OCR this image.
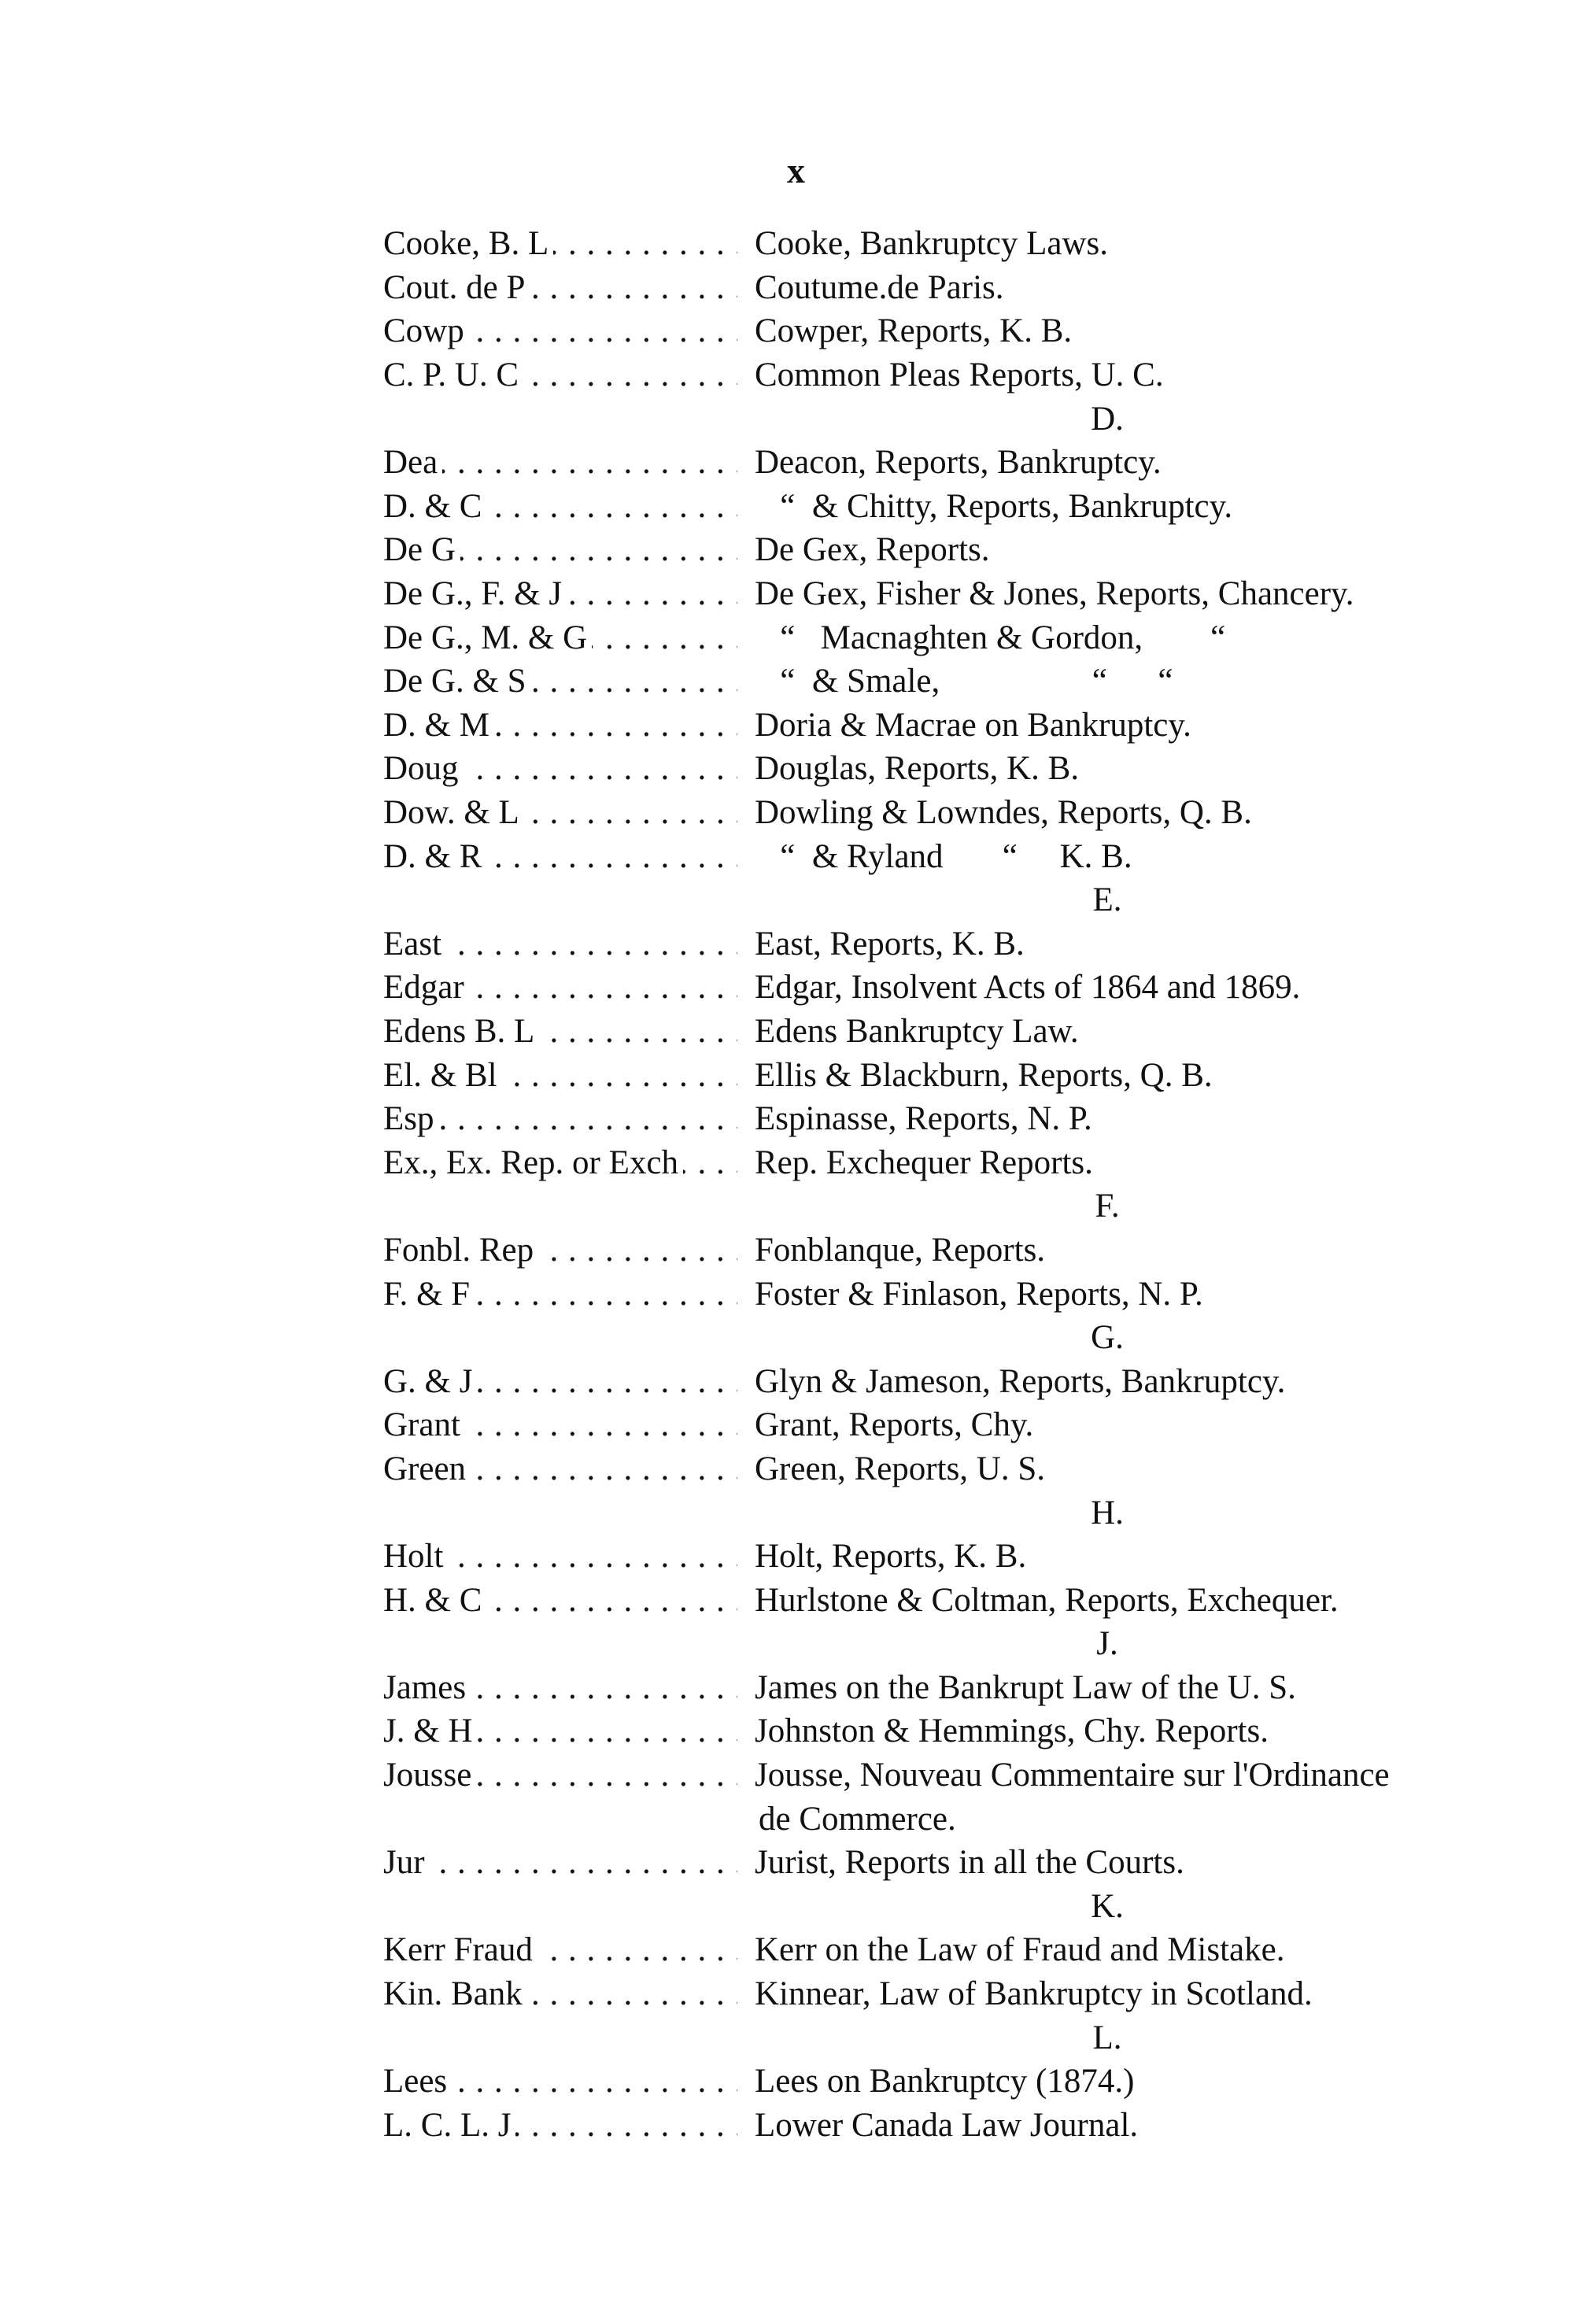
x
Cooke, B. L . . .	Cooke, Bankruptcy Laws.
Cout. de P . . .	Coutume.de Paris.
Cowp . . .	Cowper, Reports, K. B.
C. P. U. C . . .	Common Pleas Reports, U. C.
D.
Dea . . .	Deacon, Reports, Bankruptcy.
D. & C . . .	“  & Chitty, Reports, Bankruptcy.
De G . . .	De Gex, Reports.
De G., F. & J . . .	De Gex, Fisher & Jones, Reports, Chancery.
De G., M. & G . . .	“   Macnaghten & Gordon,        “
De G. & S . . .	“  & Smale,                  “      “
D. & M . . .	Doria & Macrae on Bankruptcy.
Doug . . .	Douglas, Reports, K. B.
Dow. & L . . .	Dowling & Lowndes, Reports, Q. B.
D. & R . . .	“  & Ryland       “     K. B.
E.
East . . .	East, Reports, K. B.
Edgar . . .	Edgar, Insolvent Acts of 1864 and 1869.
Edens B. L . . .	Edens Bankruptcy Law.
El. & Bl . . .	Ellis & Blackburn, Reports, Q. B.
Esp . . .	Espinasse, Reports, N. P.
Ex., Ex. Rep. or Exch . . .	Rep. Exchequer Reports.
F.
Fonbl. Rep . . .	Fonblanque, Reports.
F. & F . . .	Foster & Finlason, Reports, N. P.
G.
G. & J . . .	Glyn & Jameson, Reports, Bankruptcy.
Grant . . .	Grant, Reports, Chy.
Green . . .	Green, Reports, U. S.
H.
Holt . . .	Holt, Reports, K. B.
H. & C . . .	Hurlstone & Coltman, Reports, Exchequer.
J.
James . . .	James on the Bankrupt Law of the U. S.
J. & H . . .	Johnston & Hemmings, Chy. Reports.
Jousse . . .	Jousse, Nouveau Commentaire sur l'Ordinance
de Commerce.
Jur . . .	Jurist, Reports in all the Courts.
K.
Kerr Fraud . . .	Kerr on the Law of Fraud and Mistake.
Kin. Bank . . .	Kinnear, Law of Bankruptcy in Scotland.
L.
Lees . . .	Lees on Bankruptcy (1874.)
L. C. L. J . . .	Lower Canada Law Journal.
